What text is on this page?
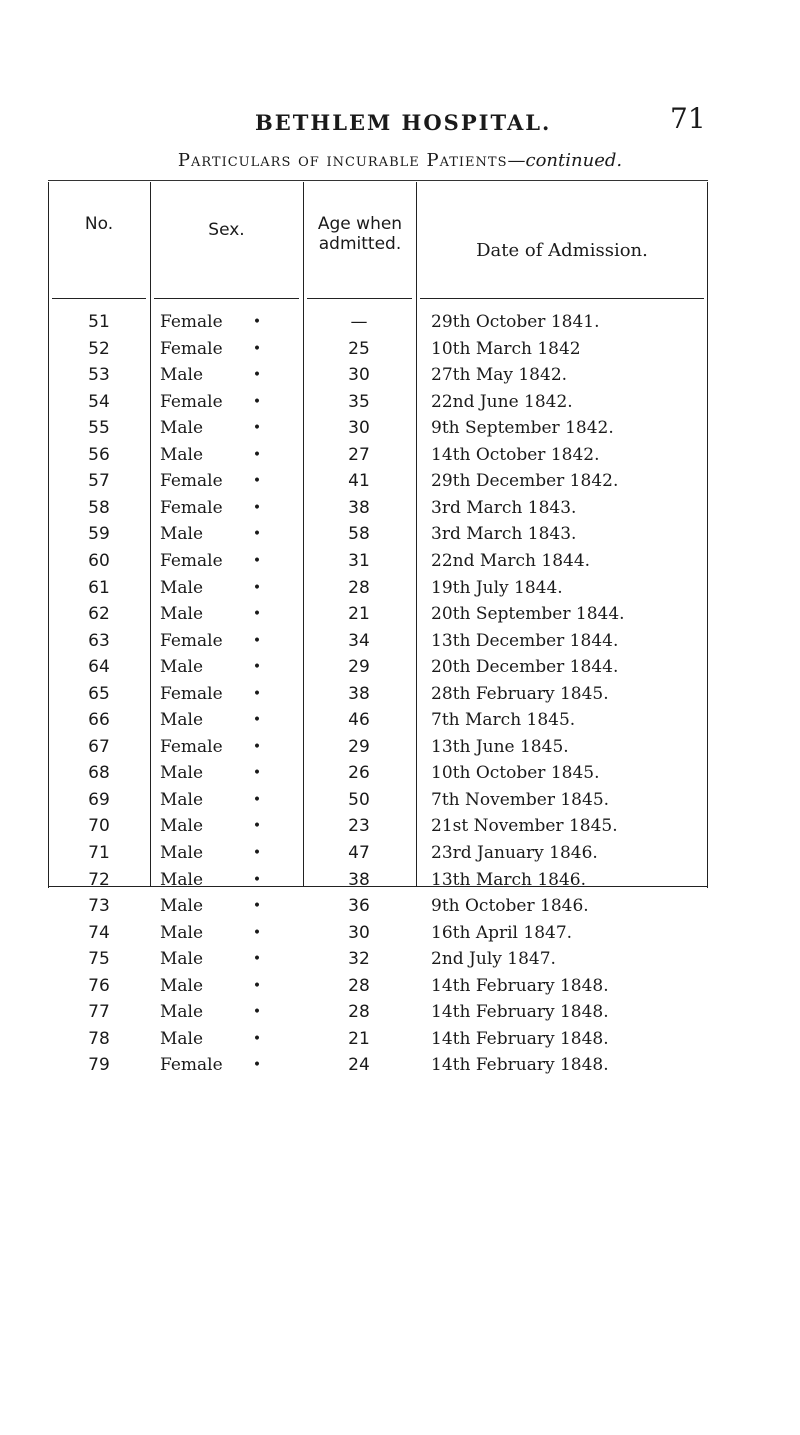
BETHLEM HOSPITAL.	71
Particulars of incurable Patients—continued.
No.	Sex.	Age when admitted.	Date of Admission.
51	Female	—	29th October 1841.
•
52	Female	25	10th March 1842
•
53	Male	30	27th May 1842.
•
54	Female	35	22nd June 1842.
•
55	Male	30	9th September 1842.
•
56	Male	27	14th October 1842.
•
57	Female	41	29th December 1842.
•
58	Female	38	3rd March 1843.
•
59	Male	58	3rd March 1843.
•
60	Female	31	22nd March 1844.
•
61	Male	28	19th July 1844.
•
62	Male	21	20th September 1844.
•
63	Female	34	13th December 1844.
•
64	Male	29	20th December 1844.
•
65	Female	38	28th February 1845.
•
66	Male	46	7th March 1845.
•
67	Female	29	13th June 1845.
•
68	Male	26	10th October 1845.
•
69	Male	50	7th November 1845.
•
70	Male	23	21st November 1845.
•
71	Male	47	23rd January 1846.
•
72	Male	38	13th March 1846.
•
73	Male	36	9th October 1846.
•
74	Male	30	16th April 1847.
•
75	Male	32	2nd July 1847.
•
76	Male	28	14th February 1848.
•
77	Male	28	14th February 1848.
•
78	Male	21	14th February 1848.
•
79	Female	24	14th February 1848.
•
